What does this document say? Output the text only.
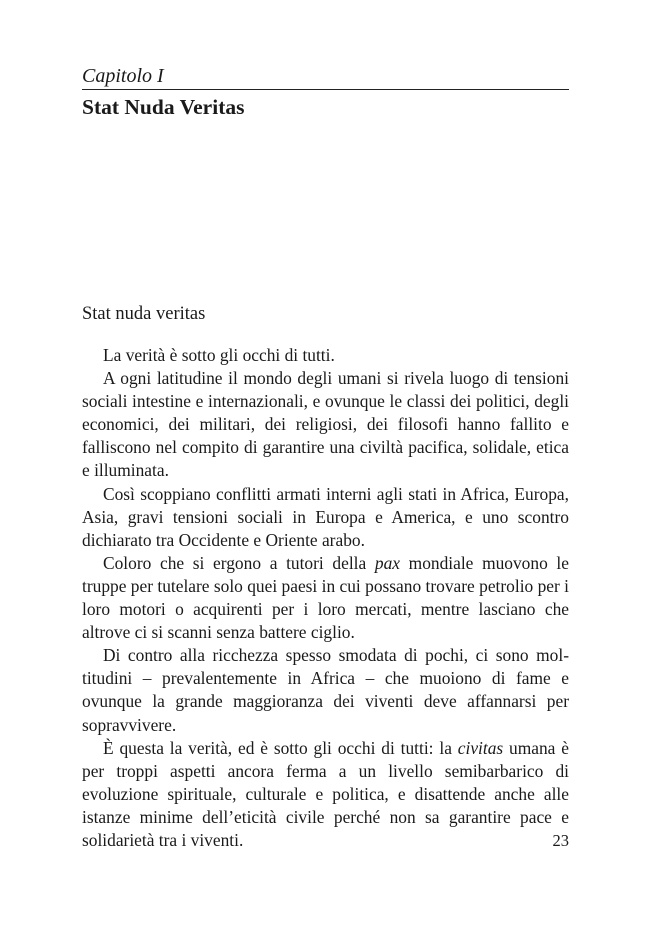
Capitolo I
Stat Nuda Veritas
Stat nuda veritas

La verità è sotto gli occhi di tutti.

A ogni latitudine il mondo degli umani si rivela luogo di tensioni sociali intestine e internazionali, e ovunque le classi dei politici, degli economici, dei militari, dei religiosi, dei filosofi hanno fallito e falliscono nel compito di garantire una civiltà pacifica, solidale, etica e illuminata.

Così scoppiano conflitti armati interni agli stati in Africa, Europa, Asia, gravi tensioni sociali in Europa e America, e uno scontro dichiarato tra Occidente e Oriente arabo.

Coloro che si ergono a tutori della pax mondiale muovono le truppe per tutelare solo quei paesi in cui possano trovare petrolio per i loro motori o acquirenti per i loro mercati, mentre lasciano che altrove ci si scanni senza battere ciglio.

Di contro alla ricchezza spesso smodata di pochi, ci sono moltitudini – prevalentemente in Africa – che muoiono di fame e ovunque la grande maggioranza dei viventi deve affannarsi per sopravvivere.

È questa la verità, ed è sotto gli occhi di tutti: la civitas umana è per troppi aspetti ancora ferma a un livello semibarbarico di evoluzione spirituale, culturale e politica, e disattende anche alle istanze minime dell’eticità civile perché non sa garantire pace e solidarietà tra i viventi.	23
